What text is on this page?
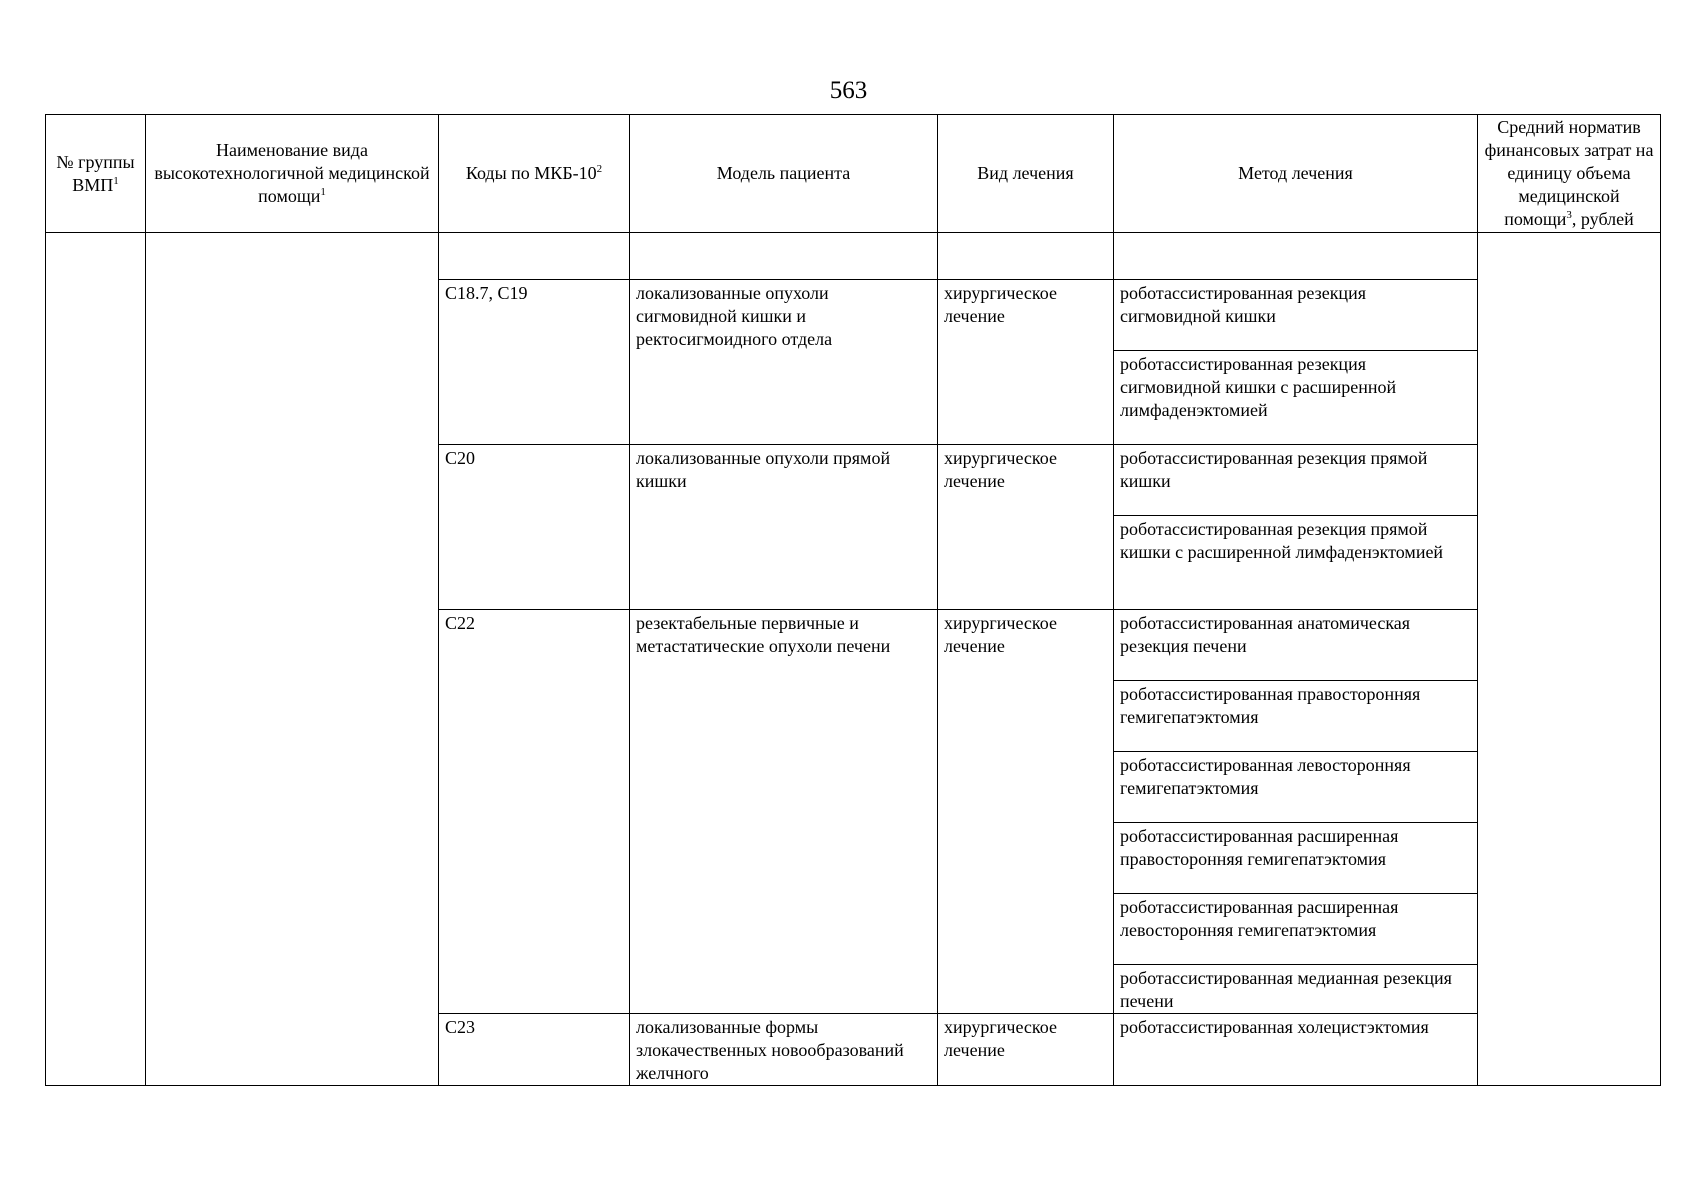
563
№ группы ВМП$^1$	Наименование вида высокотехнологичной медицинской помощи$^1$	Коды по МКБ-$10^2$	Модель пациента	Вид лечения	Метод лечения	Средний норматив финансовых затрат на единицу объема медицинской помощи$^3$, рублей

		C18.7, C19	локализованные опухоли сигмовидной кишки и ректосигмоидного отдела	хирургическое лечение	роботассистированная резекция сигмовидной кишки	

					роботассистированная резекция сигмовидной кишки с расширенной лимфаденэктомией	

		C20	локализованные опухоли прямой кишки	хирургическое лечение	роботассистированная резекция прямой кишки	

					роботассистированная резекция прямой кишки с расширенной лимфаденэктомией	

		C22	резектабельные первичные и метастатические опухоли печени	хирургическое лечение	роботассистированная анатомическая резекция печени	

					роботассистированная правосторонняя гемигепатэктомия	

					роботассистированная левосторонняя гемигепатэктомия	

					роботассистированная расширенная правосторонняя гемигепатэктомия	

					роботассистированная расширенная левосторонняя гемигепатэктомия	

					роботассистированная медианная резекция печени	

		C23	локализованные формы злокачественных новообразований желчного	хирургическое лечение	роботассистированная холецистэктомия	
